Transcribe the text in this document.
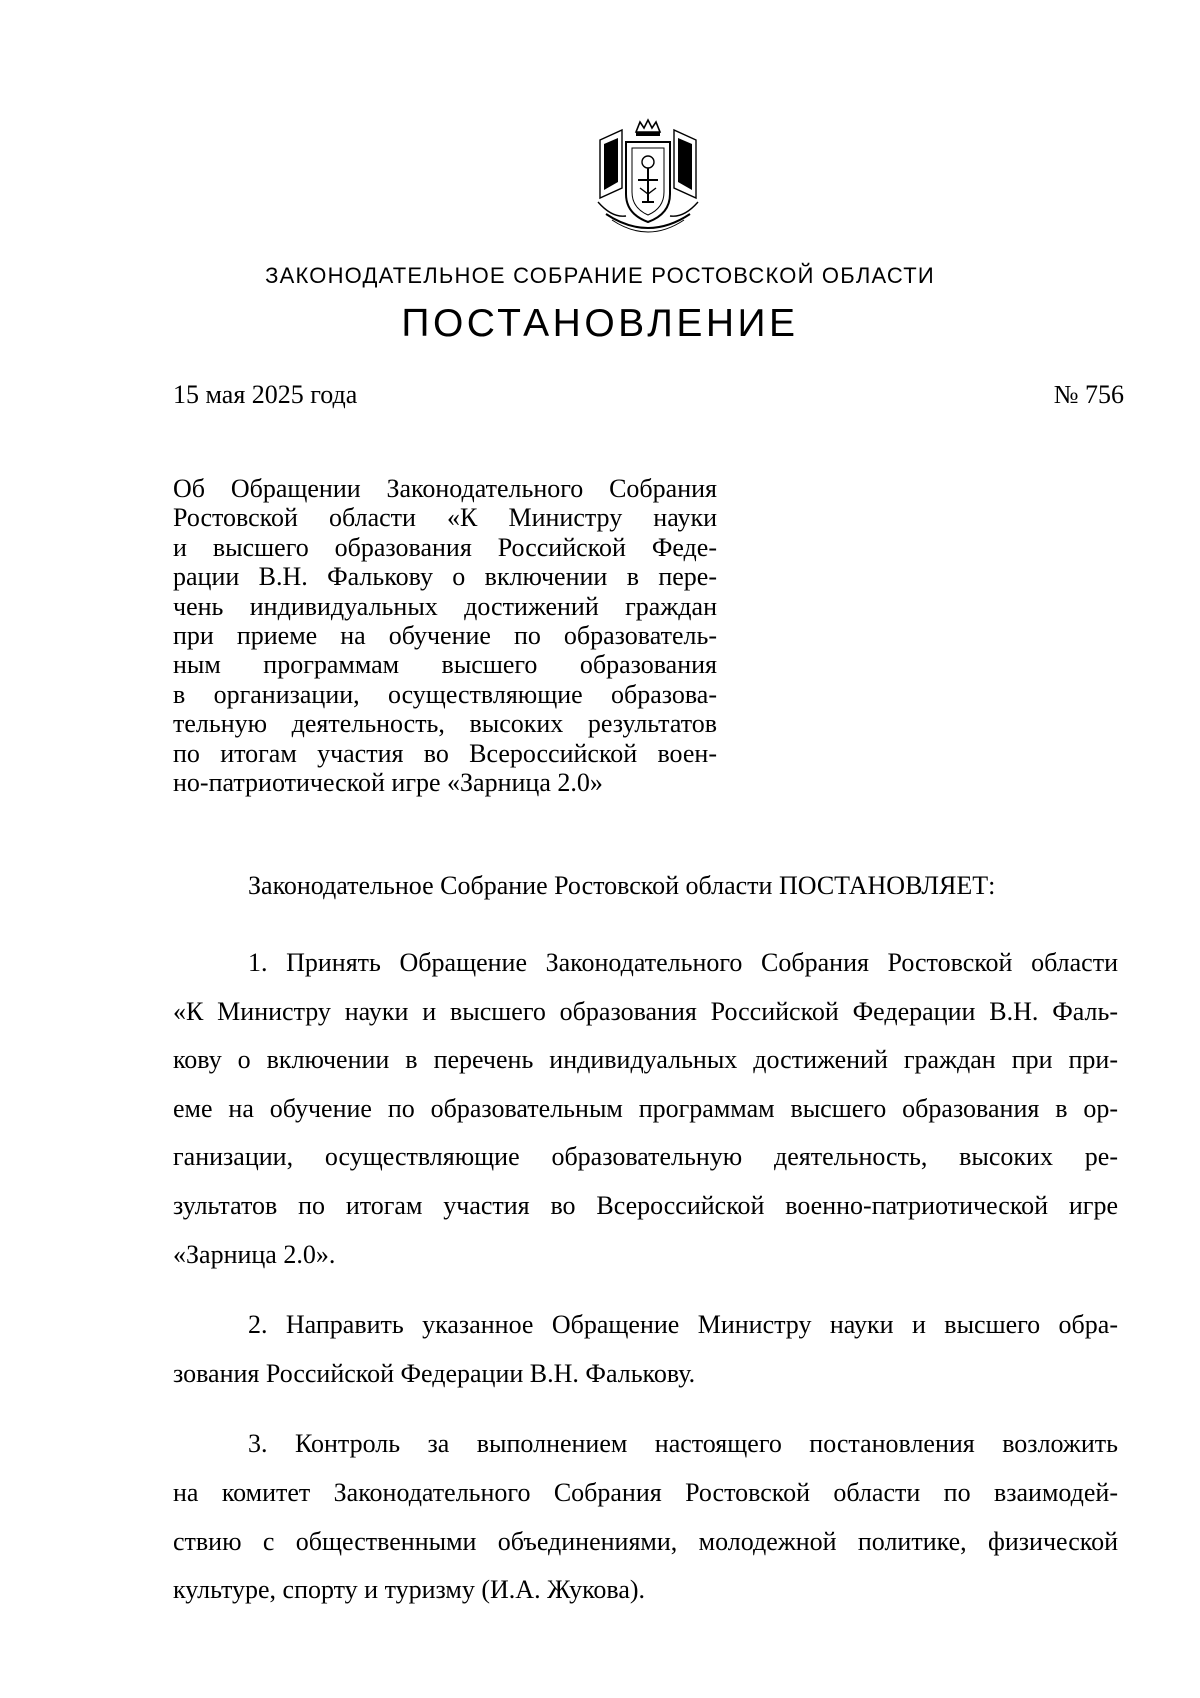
ЗАКОНОДАТЕЛЬНОЕ СОБРАНИЕ РОСТОВСКОЙ ОБЛАСТИ
ПОСТАНОВЛЕНИЕ
15 мая 2025 года	№ 756
Об Обращении Законодательного Собрания
Ростовской области «К Министру науки
и высшего образования Российской Феде-
рации В.Н. Фалькову о включении в пере-
чень индивидуальных достижений граждан
при приеме на обучение по образователь-
ным программам высшего образования
в организации, осуществляющие образова-
тельную деятельность, высоких результатов
по итогам участия во Всероссийской воен-
но-патриотической игре «Зарница 2.0»
Законодательное Собрание Ростовской области ПОСТАНОВЛЯЕТ:

1. Принять Обращение Законодательного Собрания Ростовской области
«К Министру науки и высшего образования Российской Федерации В.Н. Фаль-
кову о включении в перечень индивидуальных достижений граждан при при-
еме на обучение по образовательным программам высшего образования в ор-
ганизации, осуществляющие образовательную деятельность, высоких ре-
зультатов по итогам участия во Всероссийской военно-патриотической игре
«Зарница 2.0».

2. Направить указанное Обращение Министру науки и высшего обра-
зования Российской Федерации В.Н. Фалькову.

3. Контроль за выполнением настоящего постановления возложить
на комитет Законодательного Собрания Ростовской области по взаимодей-
ствию с общественными объединениями, молодежной политике, физической
культуре, спорту и туризму (И.А. Жукова).
